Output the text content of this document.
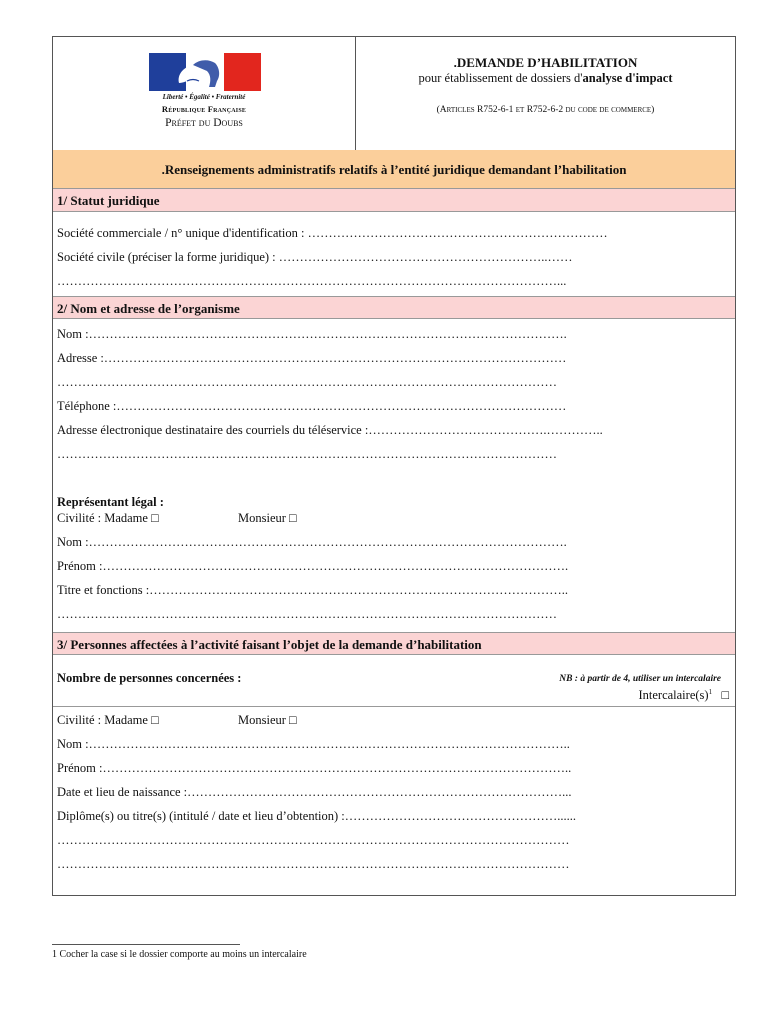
Liberté • Égalité • Fraternité
République Française
Préfet du Doubs
.DEMANDE D’HABILITATION
pour établissement de dossiers d'analyse d'impact
(Articles R752-6-1 et R752-6-2 du code de commerce)
.Renseignements administratifs relatifs à l’entité juridique demandant l’habilitation
1/ Statut juridique
Société commerciale / n° unique d'identification : ………………………………………………………………
Société civile (préciser la forme juridique) : ………………………………………………………..……
…………………………………………………………………………………………………………...
2/ Nom et adresse de l’organisme
Nom :…………………………………………………………………………………………………….
Adresse :…………………………………………………………………………………………………
…………………………………………………………………………………………………………
Téléphone :………………………………………………………………………………………………
Adresse électronique destinataire des courriels du téléservice :…………………………………….…………..
…………………………………………………………………………………………………………
Représentant légal :
Civilité : Madame □	Monsieur □
Nom :…………………………………………………………………………………………………….
Prénom :………………………………………………………………………………………………….
Titre et fonctions :………………………………………………………………………………………..
…………………………………………………………………………………………………………
3/ Personnes affectées à l’activité faisant l’objet de la demande d’habilitation
Nombre de personnes concernées :	NB : à partir de 4, utiliser un intercalaire
$Intercalaire(s)^1$ □
Civilité : Madame □	Monsieur □
Nom :……………………………………………………………………………………………………..
Prénom :…………………………………………………………………………………………………..
Date et lieu de naissance :………………………………………………………………………………...
Diplôme(s) ou titre(s) (intitulé / date et lieu d’obtention) :……………………………………………......
……………………………………………………………………………………………………………
……………………………………………………………………………………………………………
1 Cocher la case si le dossier comporte au moins un intercalaire
